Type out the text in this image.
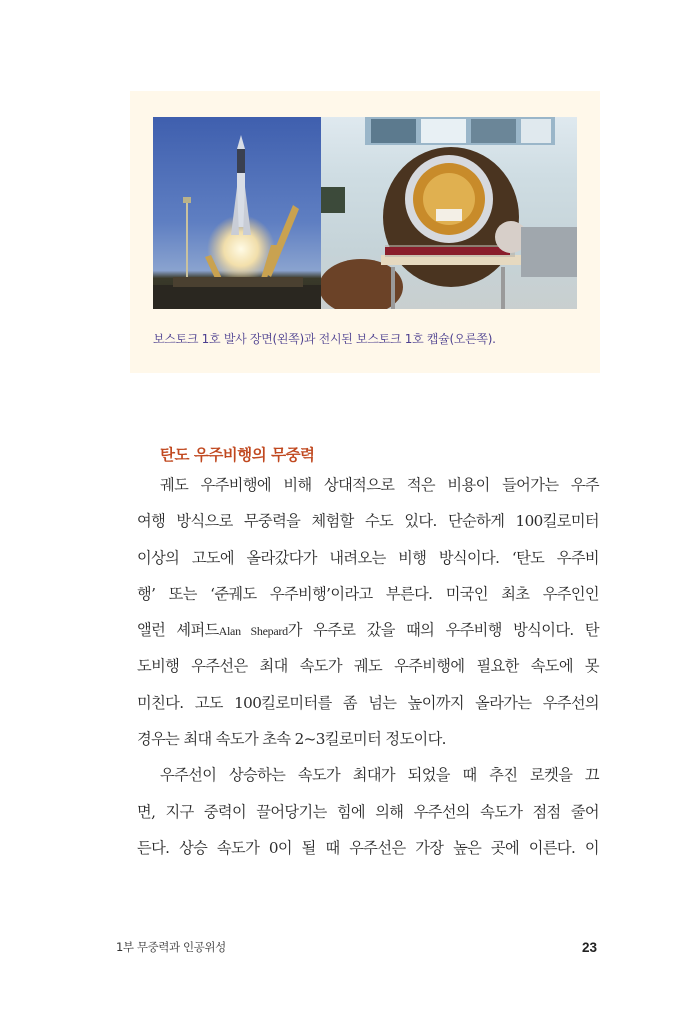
보스토크 1호 발사 장면(왼쪽)과 전시된 보스토크 1호 캡슐(오른쪽).
탄도 우주비행의 무중력
궤도 우주비행에 비해 상대적으로 적은 비용이 들어가는 우주
여행 방식으로 무중력을 체험할 수도 있다. 단순하게 100킬로미터
이상의 고도에 올라갔다가 내려오는 비행 방식이다. ‘탄도 우주비
행’ 또는 ‘준궤도 우주비행’이라고 부른다. 미국인 최초 우주인인
앨런 셰퍼드Alan Shepard가 우주로 갔을 때의 우주비행 방식이다. 탄
도비행 우주선은 최대 속도가 궤도 우주비행에 필요한 속도에 못
미친다. 고도 100킬로미터를 좀 넘는 높이까지 올라가는 우주선의
경우는 최대 속도가 초속 2~3킬로미터 정도이다.
우주선이 상승하는 속도가 최대가 되었을 때 추진 로켓을 끄
면, 지구 중력이 끌어당기는 힘에 의해 우주선의 속도가 점점 줄어
든다. 상승 속도가 0이 될 때 우주선은 가장 높은 곳에 이른다. 이
1부 무중력과 인공위성	23
